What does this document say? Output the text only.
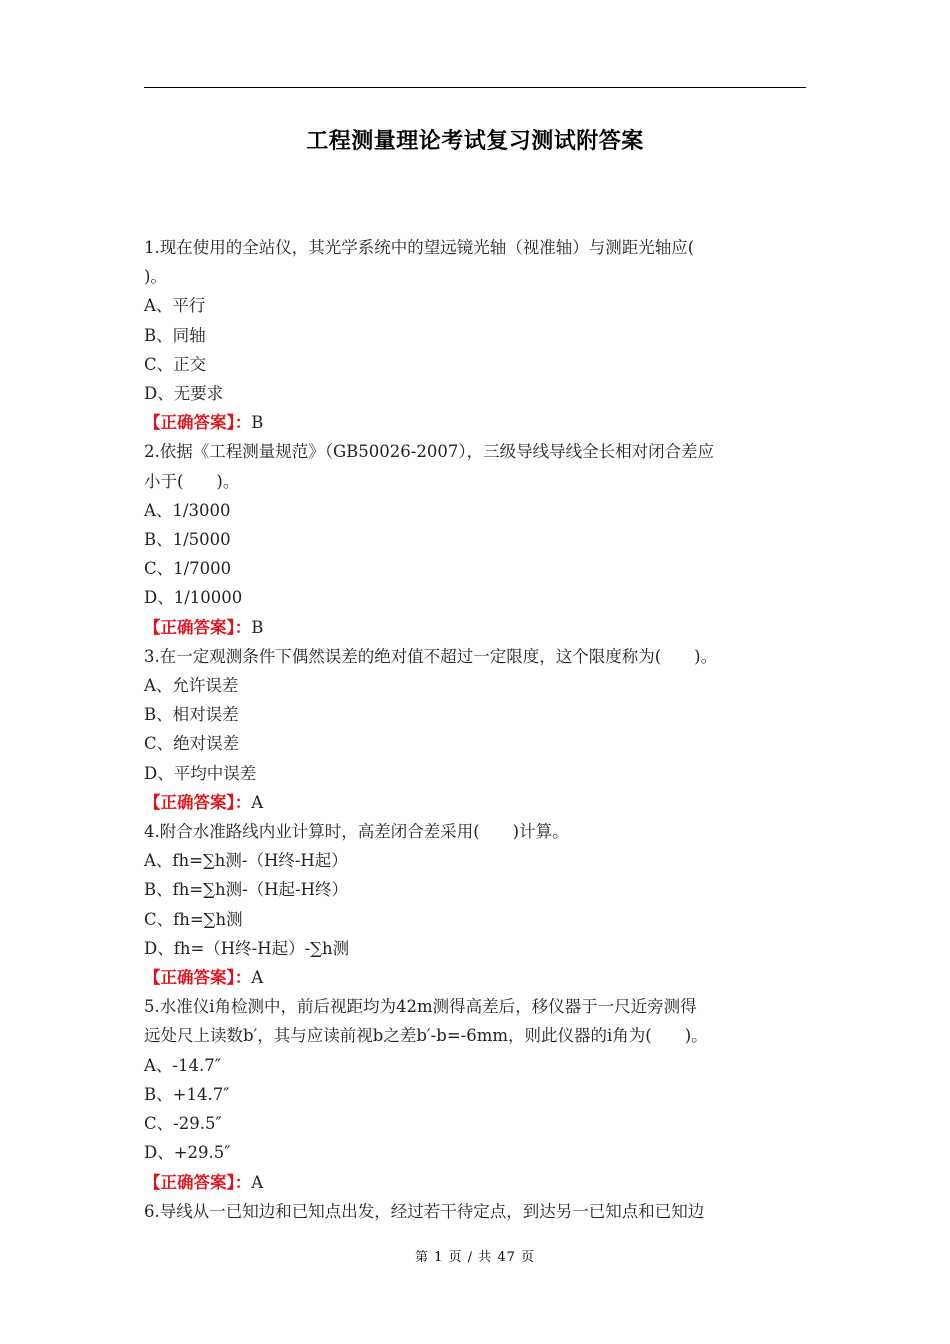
工程测量理论考试复习测试附答案
1.现在使用的全站仪，其光学系统中的望远镜光轴（视准轴）与测距光轴应(
)。
A、平行
B、同轴
C、正交
D、无要求
【正确答案】：B
2.依据《工程测量规范》（GB50026-2007），三级导线导线全长相对闭合差应
小于(　　)。
A、1/3000
B、1/5000
C、1/7000
D、1/10000
【正确答案】：B
3.在一定观测条件下偶然误差的绝对值不超过一定限度，这个限度称为(　　)。
A、允许误差
B、相对误差
C、绝对误差
D、平均中误差
【正确答案】：A
4.附合水准路线内业计算时，高差闭合差采用(　　)计算。
A、fh=∑h测-（H终-H起）
B、fh=∑h测-（H起-H终）
C、fh=∑h测
D、fh=（H终-H起）-∑h测
【正确答案】：A
5.水准仪i角检测中，前后视距均为42m测得高差后，移仪器于一尺近旁测得
远处尺上读数b′，其与应读前视b之差b′-b=-6mm，则此仪器的i角为(　　)。
A、-14.7″
B、+14.7″
C、-29.5″
D、+29.5″
【正确答案】：A
6.导线从一已知边和已知点出发，经过若干待定点，到达另一已知点和已知边
第 1 页 / 共 47 页
